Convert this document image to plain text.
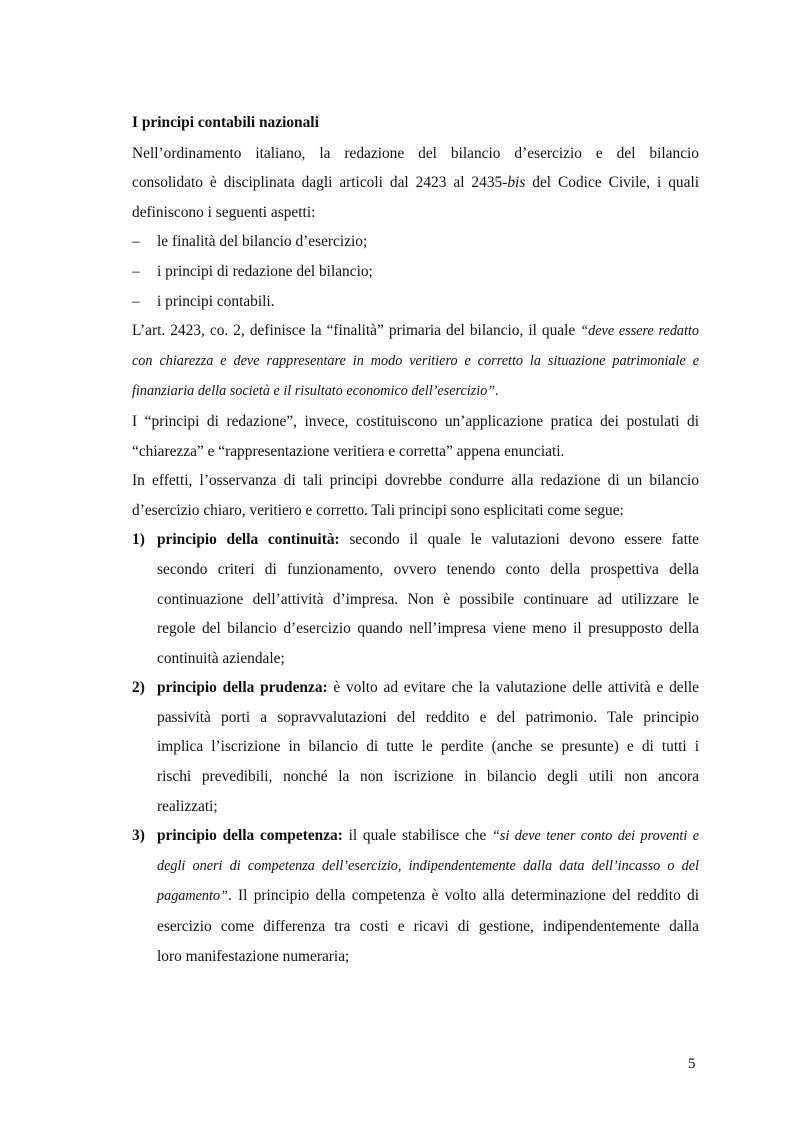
I principi contabili nazionali
Nell’ordinamento italiano, la redazione del bilancio d’esercizio e del bilancio
consolidato è disciplinata dagli articoli dal 2423 al 2435-bis del Codice Civile, i quali
definiscono i seguenti aspetti:
– le finalità del bilancio d’esercizio;
– i principi di redazione del bilancio;
– i principi contabili.
L’art. 2423, co. 2, definisce la “finalità” primaria del bilancio, il quale “deve essere redatto
con chiarezza e deve rappresentare in modo veritiero e corretto la situazione patrimoniale e
finanziaria della società e il risultato economico dell’esercizio”.
I “principi di redazione”, invece, costituiscono un’applicazione pratica dei postulati di
“chiarezza” e “rappresentazione veritiera e corretta” appena enunciati.
In effetti, l’osservanza di tali principi dovrebbe condurre alla redazione di un bilancio
d’esercizio chiaro, veritiero e corretto. Tali principi sono esplicitati come segue:
1) principio della continuità: secondo il quale le valutazioni devono essere fatte
secondo criteri di funzionamento, ovvero tenendo conto della prospettiva della
continuazione dell’attività d’impresa. Non è possibile continuare ad utilizzare le
regole del bilancio d’esercizio quando nell’impresa viene meno il presupposto della
continuità aziendale;
2) principio della prudenza: è volto ad evitare che la valutazione delle attività e delle
passività porti a sopravvalutazioni del reddito e del patrimonio. Tale principio
implica l’iscrizione in bilancio di tutte le perdite (anche se presunte) e di tutti i
rischi prevedibili, nonché la non iscrizione in bilancio degli utili non ancora
realizzati;
3) principio della competenza: il quale stabilisce che “si deve tener conto dei proventi e
degli oneri di competenza dell’esercizio, indipendentemente dalla data dell’incasso o del
pagamento”. Il principio della competenza è volto alla determinazione del reddito di
esercizio come differenza tra costi e ricavi di gestione, indipendentemente dalla
loro manifestazione numeraria;
5
